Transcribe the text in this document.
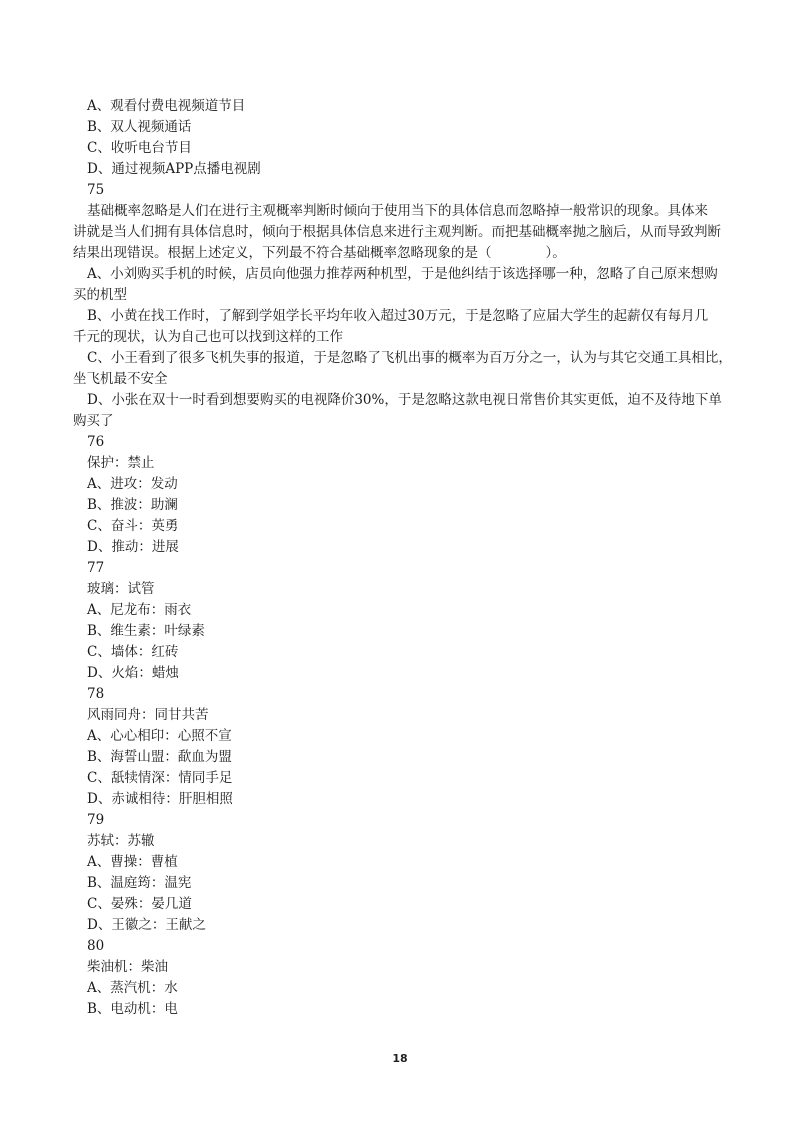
A、观看付费电视频道节目
B、双人视频通话
C、收听电台节目
D、通过视频APP点播电视剧
75
基础概率忽略是人们在进行主观概率判断时倾向于使用当下的具体信息而忽略掉一般常识的现象。具体来
讲就是当人们拥有具体信息时，倾向于根据具体信息来进行主观判断。而把基础概率抛之脑后，从而导致判断
结果出现错误。根据上述定义，下列最不符合基础概率忽略现象的是（　　　　）。
A、小刘购买手机的时候，店员向他强力推荐两种机型，于是他纠结于该选择哪一种，忽略了自己原来想购
买的机型
B、小黄在找工作时，了解到学姐学长平均年收入超过30万元，于是忽略了应届大学生的起薪仅有每月几
千元的现状，认为自己也可以找到这样的工作
C、小王看到了很多飞机失事的报道，于是忽略了飞机出事的概率为百万分之一，认为与其它交通工具相比，
坐飞机最不安全
D、小张在双十一时看到想要购买的电视降价30%，于是忽略这款电视日常售价其实更低，迫不及待地下单
购买了
76
保护：禁止
A、进攻：发动
B、推波：助澜
C、奋斗：英勇
D、推动：进展
77
玻璃：试管
A、尼龙布：雨衣
B、维生素：叶绿素
C、墙体：红砖
D、火焰：蜡烛
78
风雨同舟：同甘共苦
A、心心相印：心照不宣
B、海誓山盟：歃血为盟
C、舐犊情深：情同手足
D、赤诚相待：肝胆相照
79
苏轼：苏辙
A、曹操：曹植
B、温庭筠：温宪
C、晏殊：晏几道
D、王徽之：王献之
80
柴油机：柴油
A、蒸汽机：水
B、电动机：电
18
